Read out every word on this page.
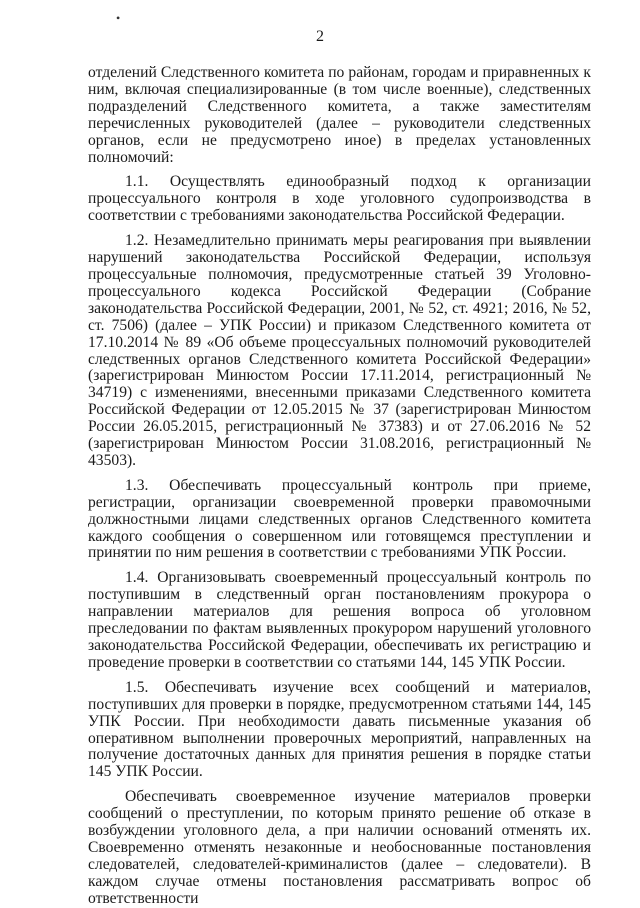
•
2

отделений Следственного комитета по районам, городам и приравненных к ним, включая специализированные (в том числе военные), следственных подразделений Следственного комитета, а также заместителям перечисленных руководителей (далее – руководители следственных органов, если не предусмотрено иное) в пределах установленных полномочий:

1.1. Осуществлять единообразный подход к организации процессуального контроля в ходе уголовного судопроизводства в соответствии с требованиями законодательства Российской Федерации.

1.2. Незамедлительно принимать меры реагирования при выявлении нарушений законодательства Российской Федерации, используя процессуальные полномочия, предусмотренные статьей 39 Уголовно-процессуального кодекса Российской Федерации (Собрание законодательства Российской Федерации, 2001, № 52, ст. 4921; 2016, № 52, ст. 7506) (далее – УПК России) и приказом Следственного комитета от 17.10.2014 № 89 «Об объеме процессуальных полномочий руководителей следственных органов Следственного комитета Российской Федерации» (зарегистрирован Минюстом России 17.11.2014, регистрационный № 34719) с изменениями, внесенными приказами Следственного комитета Российской Федерации от 12.05.2015 № 37 (зарегистрирован Минюстом России 26.05.2015, регистрационный № 37383) и от 27.06.2016 № 52 (зарегистрирован Минюстом России 31.08.2016, регистрационный № 43503).

1.3. Обеспечивать процессуальный контроль при приеме, регистрации, организации своевременной проверки правомочными должностными лицами следственных органов Следственного комитета каждого сообщения о совершенном или готовящемся преступлении и принятии по ним решения в соответствии с требованиями УПК России.

1.4. Организовывать своевременный процессуальный контроль по поступившим в следственный орган постановлениям прокурора о направлении материалов для решения вопроса об уголовном преследовании по фактам выявленных прокурором нарушений уголовного законодательства Российской Федерации, обеспечивать их регистрацию и проведение проверки в соответствии со статьями 144, 145 УПК России.

1.5. Обеспечивать изучение всех сообщений и материалов, поступивших для проверки в порядке, предусмотренном статьями 144, 145 УПК России. При необходимости давать письменные указания об оперативном выполнении проверочных мероприятий, направленных на получение достаточных данных для принятия решения в порядке статьи 145 УПК России.

Обеспечивать своевременное изучение материалов проверки сообщений о преступлении, по которым принято решение об отказе в возбуждении уголовного дела, а при наличии оснований отменять их. Своевременно отменять незаконные и необоснованные постановления следователей, следователей-криминалистов (далее – следователи). В каждом случае отмены постановления рассматривать вопрос об ответственности
